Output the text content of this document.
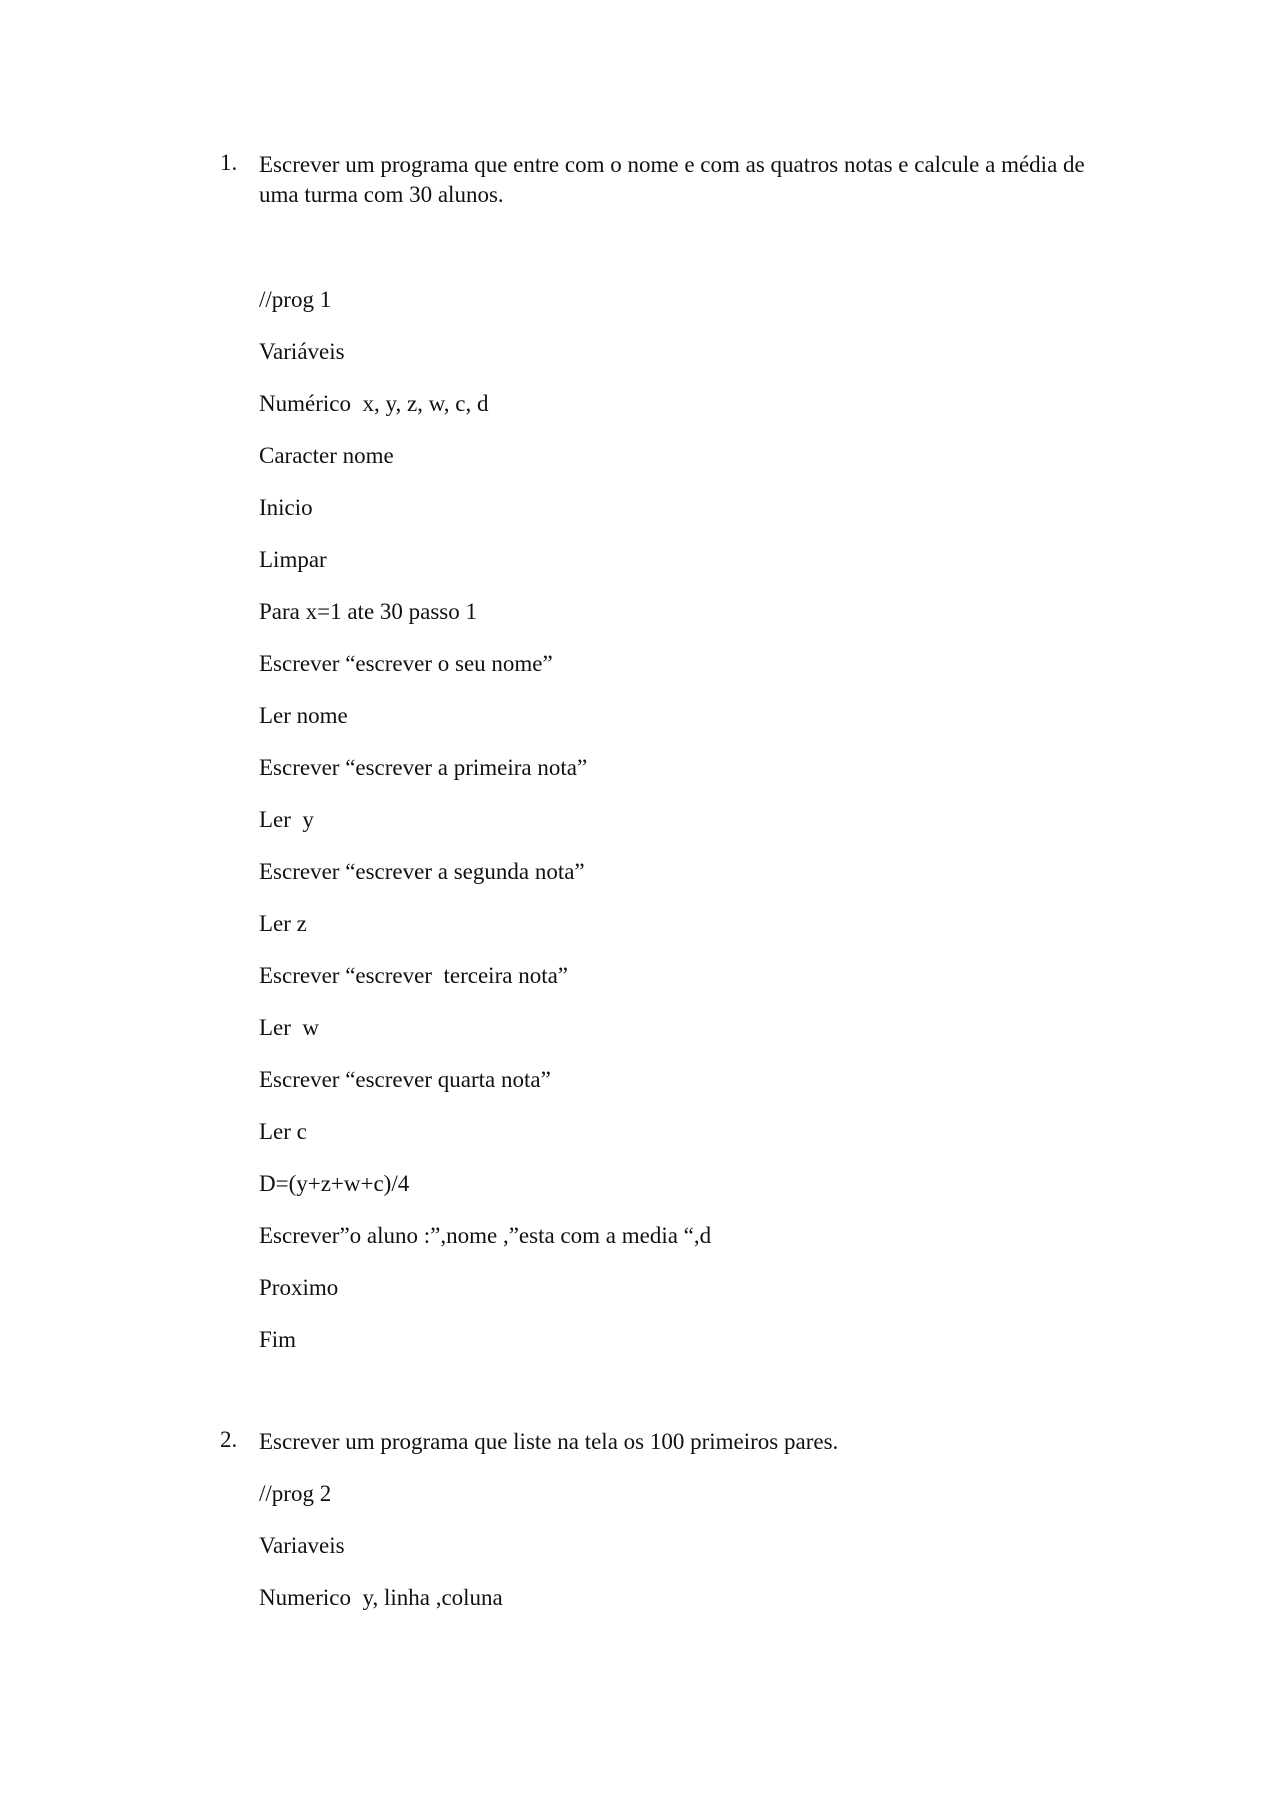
1. Escrever um programa que entre com o nome e com as quatros notas e calcule a média de uma turma com 30 alunos.
//prog 1
Variáveis
Numérico  x, y, z, w, c, d
Caracter nome
Inicio
Limpar
Para x=1 ate 30 passo 1
Escrever “escrever o seu nome”
Ler nome
Escrever “escrever a primeira nota”
Ler  y
Escrever “escrever a segunda nota”
Ler z
Escrever “escrever  terceira nota”
Ler  w
Escrever “escrever quarta nota”
Ler c
D=(y+z+w+c)/4
Escrever”o aluno :”,nome ,”esta com a media “,d
Proximo
Fim
2. Escrever um programa que liste na tela os 100 primeiros pares.
//prog 2
Variaveis
Numerico  y, linha ,coluna
